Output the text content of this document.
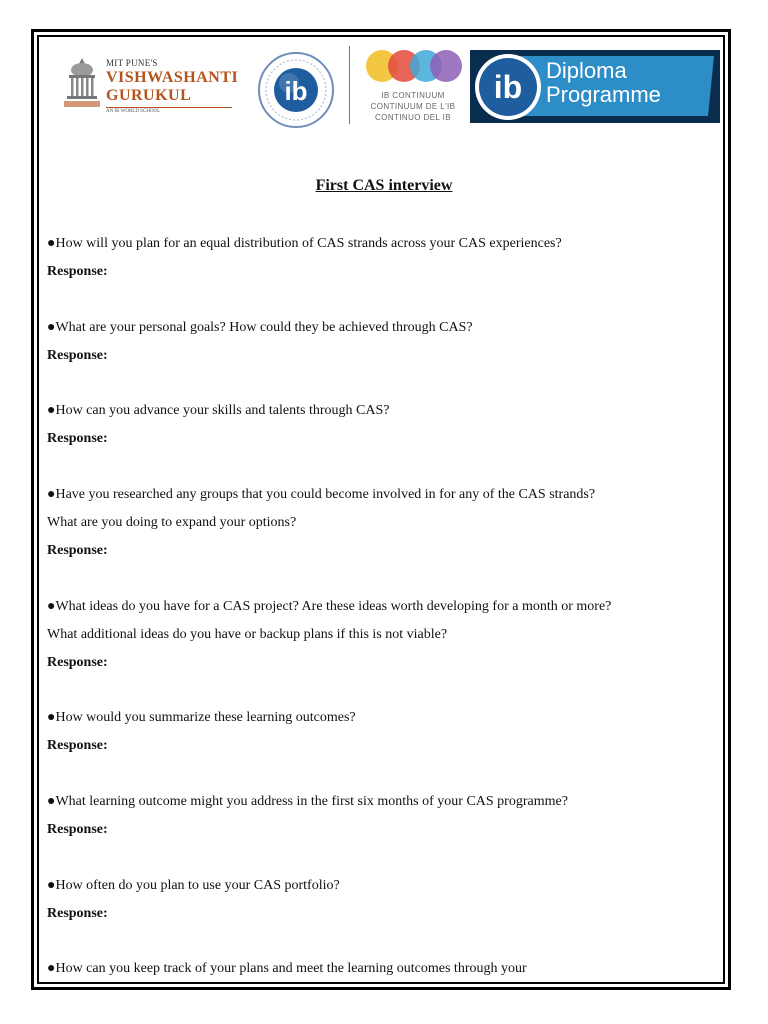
MIT PUNE'S
VISHWASHANTI
GURUKUL
AN IB WORLD SCHOOL
ib	IB CONTINUUM
CONTINUUM DE L'IB
CONTINUO DEL IB
ib Diploma
Programme
First CAS interview
●How will you plan for an equal distribution of CAS strands across your CAS experiences?
Response:
●What are your personal goals? How could they be achieved through CAS?
Response:
●How can you advance your skills and talents through CAS?
Response:
●Have you researched any groups that you could become involved in for any of the CAS strands? What are you doing to expand your options?
Response:
●What ideas do you have for a CAS project? Are these ideas worth developing for a month or more? What additional ideas do you have or backup plans if this is not viable?
Response:
●How would you summarize these learning outcomes?
Response:
●What learning outcome might you address in the first six months of your CAS programme?
Response:
●How often do you plan to use your CAS portfolio?
Response:
●How can you keep track of your plans and meet the learning outcomes through your
